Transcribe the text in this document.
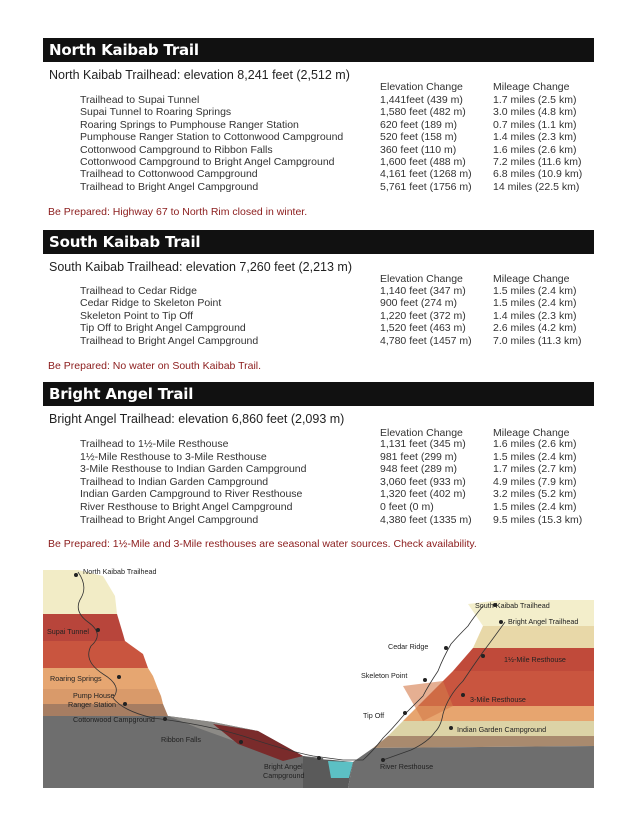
North Kaibab Trail
North Kaibab Trailhead: elevation 8,241 feet (2,512 m)
Elevation Change	Mileage Change
Trailhead to Supai Tunnel	1,441feet (439 m)	1.7 miles (2.5 km)
Supai Tunnel to Roaring Springs	1,580 feet (482 m)	3.0 miles (4.8 km)
Roaring Springs to Pumphouse Ranger Station	620 feet (189 m)	0.7 miles (1.1 km)
Pumphouse Ranger Station to Cottonwood Campground	520 feet (158 m)	1.4 miles (2.3 km)
Cottonwood Campground to Ribbon Falls	360 feet (110 m)	1.6 miles (2.6 km)
Cottonwood Campground to Bright Angel Campground	1,600 feet (488 m)	7.2 miles (11.6 km)
Trailhead to Cottonwood Campground	4,161 feet (1268 m) 6.8 miles (10.9 km)
Trailhead to Bright Angel Campground	5,761 feet (1756 m) 14 miles (22.5 km)
Be Prepared: Highway 67 to North Rim closed in winter.
South Kaibab Trail
South Kaibab Trailhead: elevation 7,260 feet (2,213 m)
Elevation Change	Mileage Change
Trailhead to Cedar Ridge	1,140 feet (347 m)	1.5 miles (2.4 km)
Cedar Ridge to Skeleton Point	900 feet (274 m)	1.5 miles (2.4 km)
Skeleton Point to Tip Off	1,220 feet (372 m)	1.4 miles (2.3 km)
Tip Off to Bright Angel Campground	1,520 feet (463 m)	2.6 miles (4.2 km)
Trailhead to Bright Angel Campground	4,780 feet (1457 m) 7.0 miles (11.3 km)
Be Prepared: No water on South Kaibab Trail.
Bright Angel Trail
Bright Angel Trailhead: elevation 6,860 feet (2,093 m)
Elevation Change	Mileage Change
Trailhead to 1½-Mile Resthouse	1,131 feet (345 m)	1.6 miles (2.6 km)
1½-Mile Resthouse to 3-Mile Resthouse	981 feet (299 m)	1.5 miles (2.4 km)
3-Mile Resthouse to Indian Garden Campground	948 feet (289 m)	1.7 miles (2.7 km)
Trailhead to Indian Garden Campground	3,060 feet (933 m)	4.9 miles (7.9 km)
Indian Garden Campground to River Resthouse	1,320 feet (402 m)	3.2 miles (5.2 km)
River Resthouse to Bright Angel Campground	0 feet (0 m)	1.5 miles (2.4 km)
Trailhead to Bright Angel Campground	4,380 feet (1335 m) 9.5 miles (15.3 km)
Be Prepared: 1½-Mile and 3-Mile resthouses are seasonal water sources. Check availability.
North Kaibab Trailhead
Supai Tunnel
Roaring Springs
Pump House
Ranger Station
Cottonwood Campground
Ribbon Falls
Bright Angel
Campground
South Kaibab Trailhead
Bright Angel Trailhead
Cedar Ridge
1½-Mile Resthouse
Skeleton Point
3-Mile Resthouse
Tip Off
Indian Garden Campground
River Resthouse
